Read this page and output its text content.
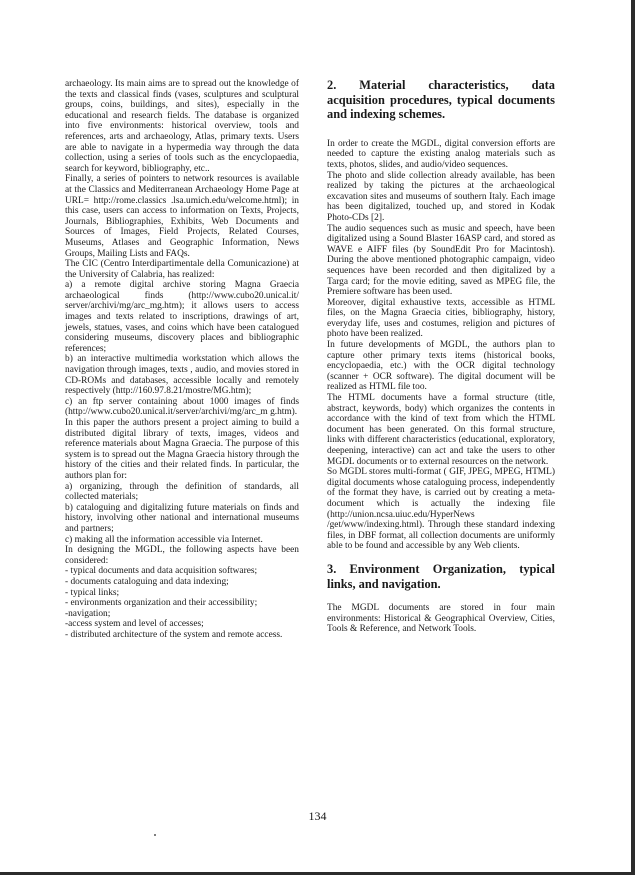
archaeology. Its main aims are to spread out the knowledge of the texts and classical finds (vases, sculptures and sculptural groups, coins, buildings, and sites), especially in the educational and research fields. The database is organized into five environments: historical overview, tools and references, arts and archaeology, Atlas, primary texts. Users are able to navigate in a hypermedia way through the data collection, using a series of tools such as the encyclopaedia, search for keyword, bibliography, etc..

Finally, a series of pointers to network resources is available at the Classics and Mediterranean Archaeology Home Page at URL= http://rome.classics .lsa.umich.edu/welcome.html); in this case, users can access to information on Texts, Projects, Journals, Bibliographies, Exhibits, Web Documents and Sources of Images, Field Projects, Related Courses, Museums, Atlases and Geographic Information, News Groups, Mailing Lists and FAQs.

The CIC (Centro Interdipartimentale della Comunicazione) at the University of Calabria, has realized:

a) a remote digital archive storing Magna Graecia archaeological finds (http://www.cubo20.unical.it/ server/archivi/mg/arc_mg.htm); it allows users to access images and texts related to inscriptions, drawings of art, jewels, statues, vases, and coins which have been catalogued considering museums, discovery places and bibliographic references;

b) an interactive multimedia workstation which allows the navigation through images, texts , audio, and movies stored in CD-ROMs and databases, accessible locally and remotely respectively (http://160.97.8.21/mostre/MG.htm);

c) an ftp server containing about 1000 images of finds (http://www.cubo20.unical.it/server/archivi/mg/arc_m g.htm).

In this paper the authors present a project aiming to build a distributed digital library of texts, images, videos and reference materials about Magna Graecia. The purpose of this system is to spread out the Magna Graecia history through the history of the cities and their related finds. In particular, the authors plan for:

a) organizing, through the definition of standards, all collected materials;

b) cataloguing and digitalizing future materials on finds and history, involving other national and international museums and partners;

c) making all the information accessible via Internet.

In designing the MGDL, the following aspects have been considered:

- typical documents and data acquisition softwares;

- documents cataloguing and data indexing;

- typical links;

- environments organization and their accessibility;

-navigation;

-access system and level of accesses;

- distributed architecture of the system and remote access.

2. Material characteristics, data acquisition procedures, typical documents and indexing schemes.

In order to create the MGDL, digital conversion efforts are needed to capture the existing analog materials such as texts, photos, slides, and audio/video sequences.

The photo and slide collection already available, has been realized by taking the pictures at the archaeological excavation sites and museums of southern Italy. Each image has been digitalized, touched up, and stored in Kodak Photo-CDs [2].

The audio sequences such as music and speech, have been digitalized using a Sound Blaster 16ASP card, and stored as WAVE e AIFF files (by SoundEdit Pro for Macintosh). During the above mentioned photographic campaign, video sequences have been recorded and then digitalized by a Targa card; for the movie editing, saved as MPEG file, the Premiere software has been used.

Moreover, digital exhaustive texts, accessible as HTML files, on the Magna Graecia cities, bibliography, history, everyday life, uses and costumes, religion and pictures of photo have been realized.

In future developments of MGDL, the authors plan to capture other primary texts items (historical books, encyclopaedia, etc.) with the OCR digital technology (scanner + OCR software). The digital document will be realized as HTML file too.

The HTML documents have a formal structure (title, abstract, keywords, body) which organizes the contents in accordance with the kind of text from which the HTML document has been generated. On this formal structure, links with different characteristics (educational, exploratory, deepening, interactive) can act and take the users to other MGDL documents or to external resources on the network.

So MGDL stores multi-format ( GIF, JPEG, MPEG, HTML) digital documents whose cataloguing process, independently of the format they have, is carried out by creating a meta-document which is actually the indexing file (http://union.ncsa.uiuc.edu/HyperNews /get/www/indexing.html). Through these standard indexing files, in DBF format, all collection documents are uniformly able to be found and accessible by any Web clients.

3. Environment Organization, typical links, and navigation.

The MGDL documents are stored in four main environments: Historical & Geographical Overview, Cities, Tools & Reference, and Network Tools.

134
